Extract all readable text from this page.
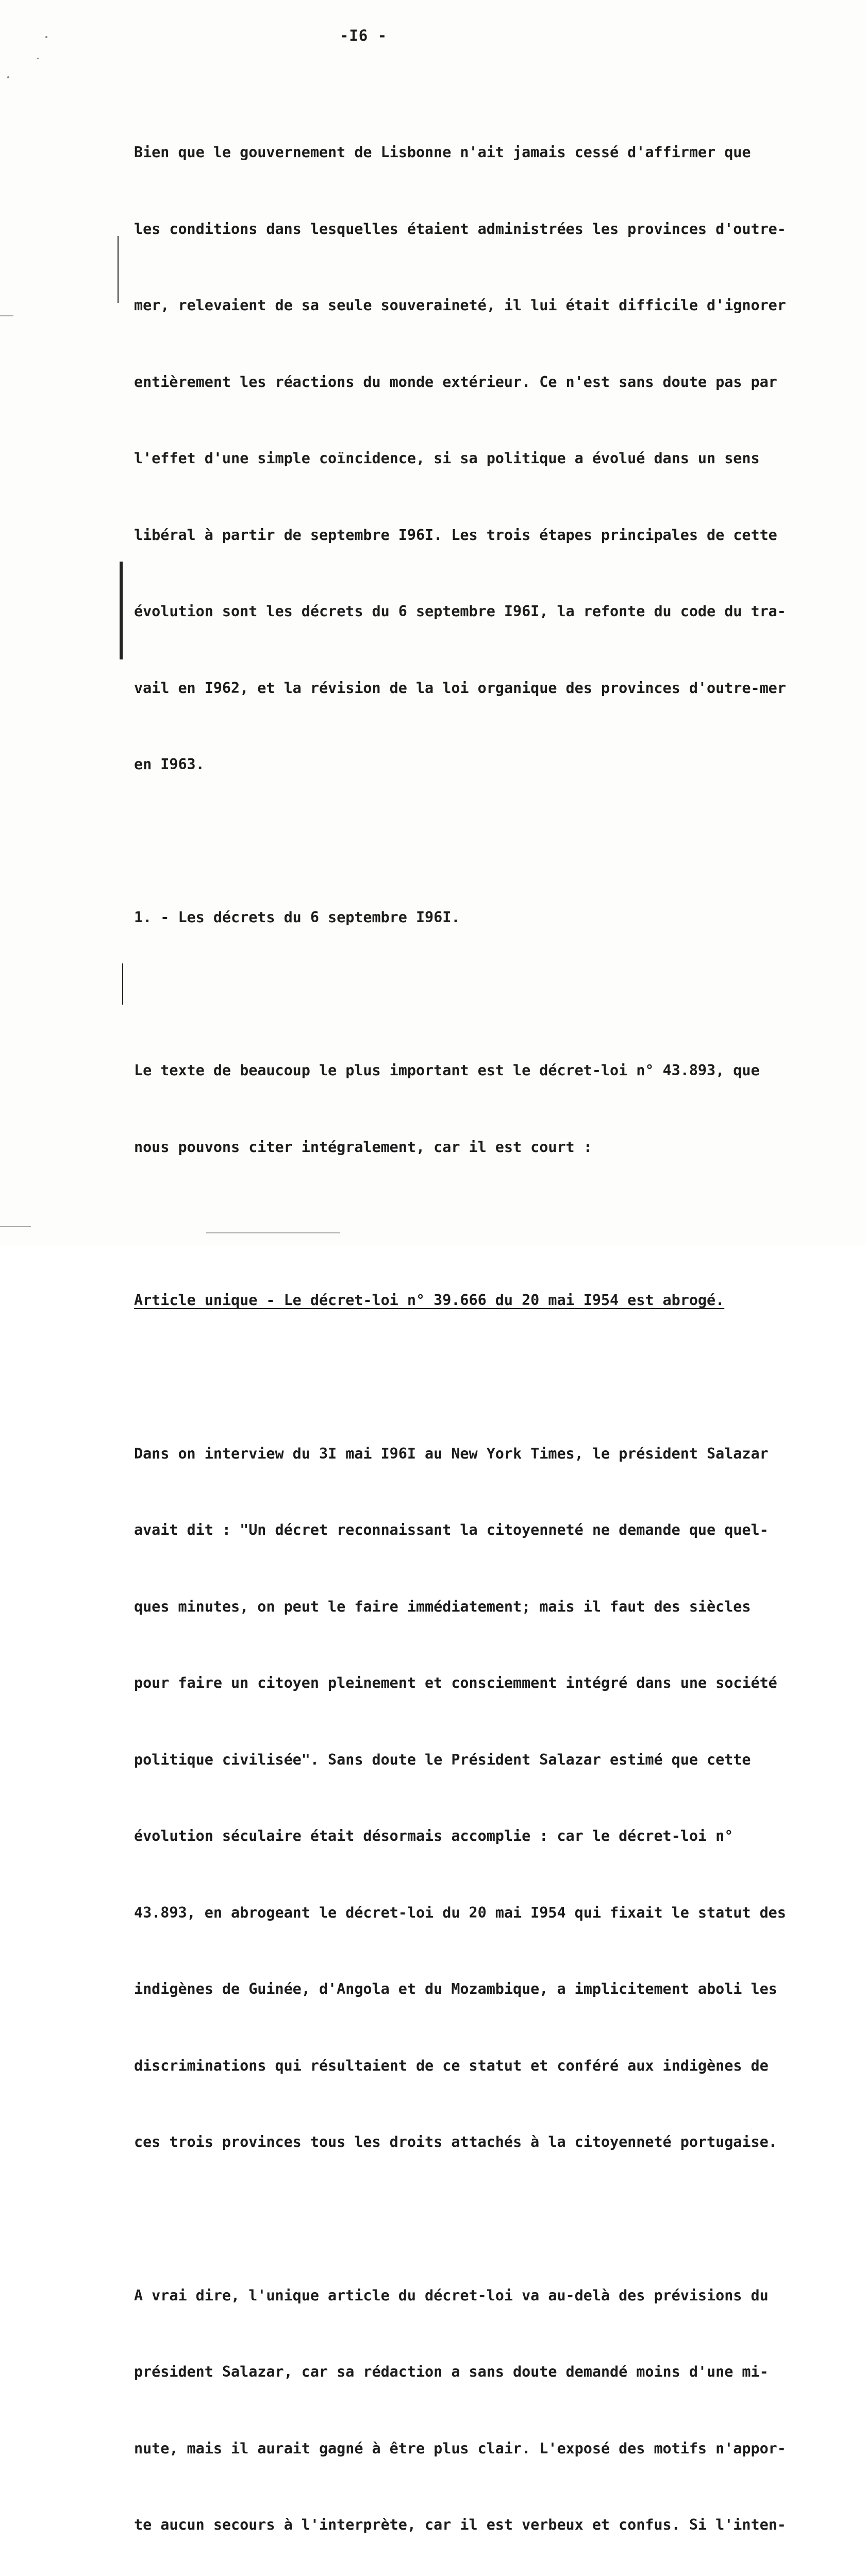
-I6 -

Bien que le gouvernement de Lisbonne n'ait jamais cessé d'affirmer que

les conditions dans lesquelles étaient administrées les provinces d'outre-

mer, relevaient de sa seule souveraineté, il lui était difficile d'ignorer

entièrement les réactions du monde extérieur. Ce n'est sans doute pas par

l'effet d'une simple coïncidence, si sa politique a évolué dans un sens

libéral à partir de septembre I96I. Les trois étapes principales de cette

évolution sont les décrets du 6 septembre I96I, la refonte du code du tra-

vail en I962, et la révision de la loi organique des provinces d'outre-mer

en I963.

1. - Les décrets du 6 septembre I96I.

Le texte de beaucoup le plus important est le décret-loi n° 43.893, que

nous pouvons citer intégralement, car il est court :

Article unique - Le décret-loi n° 39.666 du 20 mai I954 est abrogé.

Dans on interview du 3I mai I96I au New York Times, le président Salazar

avait dit : "Un décret reconnaissant la citoyenneté ne demande que quel-

ques minutes, on peut le faire immédiatement; mais il faut des siècles

pour faire un citoyen pleinement et consciemment intégré dans une société

politique civilisée". Sans doute le Président Salazar estimé que cette

évolution séculaire était désormais accomplie : car le décret-loi n°

43.893, en abrogeant le décret-loi du 20 mai I954 qui fixait le statut des

indigènes de Guinée, d'Angola et du Mozambique, a implicitement aboli les

discriminations qui résultaient de ce statut et conféré aux indigènes de

ces trois provinces tous les droits attachés à la citoyenneté portugaise.

A vrai dire, l'unique article du décret-loi va au-delà des prévisions du

président Salazar, car sa rédaction a sans doute demandé moins d'une mi-

nute, mais il aurait gagné à être plus clair. L'exposé des motifs n'appor-

te aucun secours à l'interprète, car il est verbeux et confus. Si l'inten-
